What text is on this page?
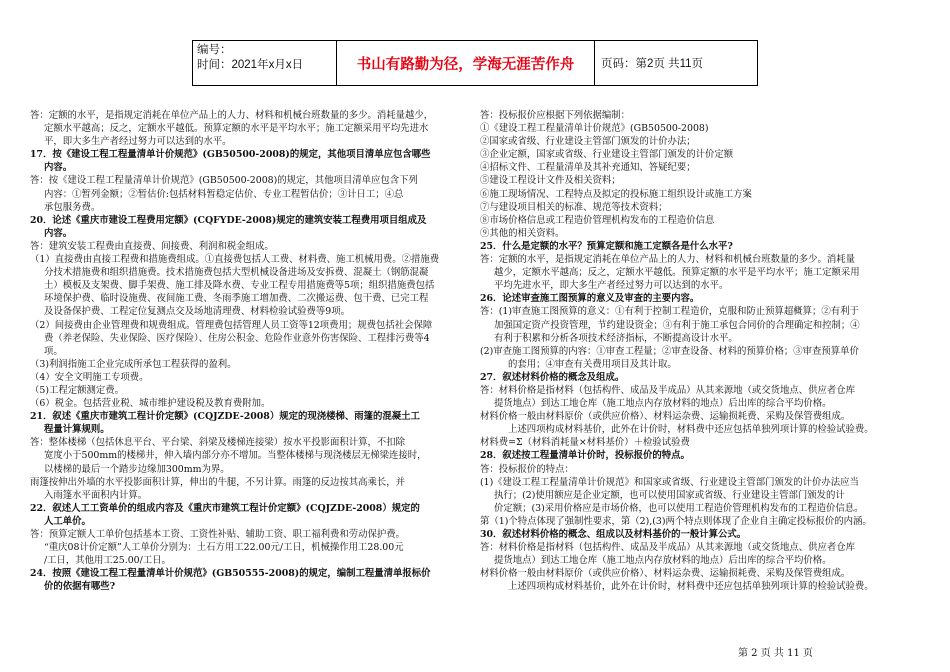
编号：
时间：2021年x月x日	书山有路勤为径，学海无涯苦作舟	页码：第2页 共11页
答：定额的水平，是指规定消耗在单位产品上的人力、材料和机械台班数量的多少。消耗量越少，
定额水平越高；反之，定额水平越低。预算定额的水平是平均水平；施工定额采用平均先进水
平，即大多生产者经过努力可以达到的水平。
17．按《建设工程工程量清单计价规范》(GB50500-2008)的规定，其他项目清单应包含哪些
内容。
答：按《建设工程工程量清单计价规范》(GB50500-2008)的规定，其他项目清单应包含下列
内容：①暂列金额；②暂估价:包括材料暂稳定估价、专业工程暂估价；③计日工；④总
承包服务费。
20．论述《重庆市建设工程费用定额》(CQFYDE-2008)规定的建筑安装工程费用项目组成及
内容。
答：建筑安装工程费由直接费、间接费、利润和税金组成。
（1）直接费由直接工程费和措施费组成。①直接费包括人工费、材料费、施工机械用费。②措施费
分技术措施费和组织措施费。技术措施费包括大型机械设备进场及安拆费、混凝土（钢筋混凝
土）模板及支架费、脚手架费、施工排及降水费、专业工程专用措施费等5项；组织措施费包括
环境保护费、临时设施费、夜间施工费、冬雨季施工增加费、二次搬运费、包干费、已完工程
及设备保护费、工程定位复测点交及场地清理费、材料检验试验费等9项。
（2）间接费由企业管理费和规费组成。管理费包括管理人员工资等12项费用；规费包括社会保障
费（养老保险、失业保险、医疗保险）、住房公积金、危险作业意外伤害保险、工程排污费等4
项。
（3)利润指施工企业完成所承包工程获得的盈利。
（4）安全文明施工专项费。
（5)工程定额测定费。
（6）税金。包括营业税、城市维护建设税及教育费附加。
21．叙述《重庆市建筑工程计价定额》(CQJZDE-2008）规定的现浇楼梯、雨篷的混凝土工
程量计算规则。
答：整体楼梯（包括休息平台、平台梁、斜梁及楼梯连接梁）按水平投影面积计算，不扣除
宽度小于500mm的楼梯井，伸入墙内部分亦不增加。当整体楼梯与现浇楼层无梯梁连接时，
以楼梯的最后一个踏步边缘加300mm为界。
雨篷按伸出外墙的水平投影面积计算，伸出的牛腿，不另计算。雨篷的反边按其高乘长，并
入雨篷水平面积内计算。
22．叙述人工工资单价的组成内容及《重庆市建筑工程计价定额》(CQJZDE-2008）规定的
人工单价。
答：预算定额人工单价包括基本工资、工资性补贴、辅助工资、职工福利费和劳动保护费。
“重庆08计价定额”人工单价分别为：土石方用工22.00元/工日，机械操作用工28.00元
/工日，其他用工25.00/工日。
24．按照《建设工程工程量清单计价规范》(GB50555-2008)的规定，编制工程量清单报标价
价的依据有哪些?
答：投标报价应根据下列依据编制：
①《建设工程工程量清单计价规范》(GB50500-2008)
②国家或省级、行业建设主管部门颁发的计价办法；
③企业定额，国家或省级、行业建设主管部门颁发的计价定额
④招标文件、工程量清单及其补充通知、答疑纪要；
⑤建设工程设计文件及相关资料；
⑥施工现场情况、工程特点及拟定的投标施工组织设计或施工方案
⑦与建设项目相关的标准、规范等技术资料；
⑧市场价格信息或工程造价管理机构发布的工程造价信息
⑨其他的相关资料。
25．什么是定额的水平？预算定额和施工定额各是什么水平?
答：定额的水平，是指规定消耗在单位产品上的人力、材料和机械台班数量的多少。消耗量
越少，定额水平越高；反之，定额水平越低。预算定额的水平是平均水平；施工定额采用
平均先进水平，即大多生产者经过努力可以达到的水平。
26．论述审查施工图预算的意义及审查的主要内容。
答：(1)审查施工图预算的意义：①有利于控制工程造价，克服和防止预算超概算；②有利于
加强国定资产投资管理，节约建设资金；③有利于施工承包合同价的合理确定和控制；④
有利于积累和分析各项技术经济指标，不断提高设计水平。
(2)审查施工图预算的内容：①审查工程量；②审查设备、材料的预算价格；③审查预算单价
的套用；④审查有关费用项目及其计取。
27．叙述材料价格的概念及组成。
答：材料价格是指材料（包括构件、成品及半成品）从其来源地（或交货地点、供应者仓库
提货地点）到达工地仓库（施工地点内存放材料的地点）后出库的综合平均价格。
材料价格一般由材料原价（或供应价格）、材料运杂费、运输损耗费、采购及保管费组成。
上述四项构成材料基价，此外在计价时，材料费中还应包括单独列项计算的检验试验费。
材料费=Σ（材料消耗量×材料基价）＋检验试验费
28．叙述按工程量清单计价时，投标报价的特点。
答：投标报价的特点：
(1)《建设工程工程量清单计价规范》和国家或省级、行业建设主管部门颁发的计价办法应当
执行；(2)使用额应是企业定额，也可以使用国家或省级、行业建设主管部门颁发的计
价定额；(3)采用价格应是市场价格，也可以使用工程造价管理机构发布的工程造价信息。
第（1)个特点体现了强制性要求，第（2),(3)两个特点则体现了企业自主确定投标报价的内涵。
30．叙述材料价格的概念、组成以及材料基价的一般计算公式。
答：材料价格是指材料（包括构件、成品及半成品）从其来源地（或交货地点、供应者仓库
提货地点）到达工地仓库（施工地点内存放材料的地点）后出库的综合平均价格。
材料价格一般由材料原价（或供应价格）、材料运杂费、运输损耗费、采购及保管费组成。
上述四项构成材料基价，此外在计价时，材料费中还应包括单独列项计算的检验试验费。
第 2 页 共 11 页
